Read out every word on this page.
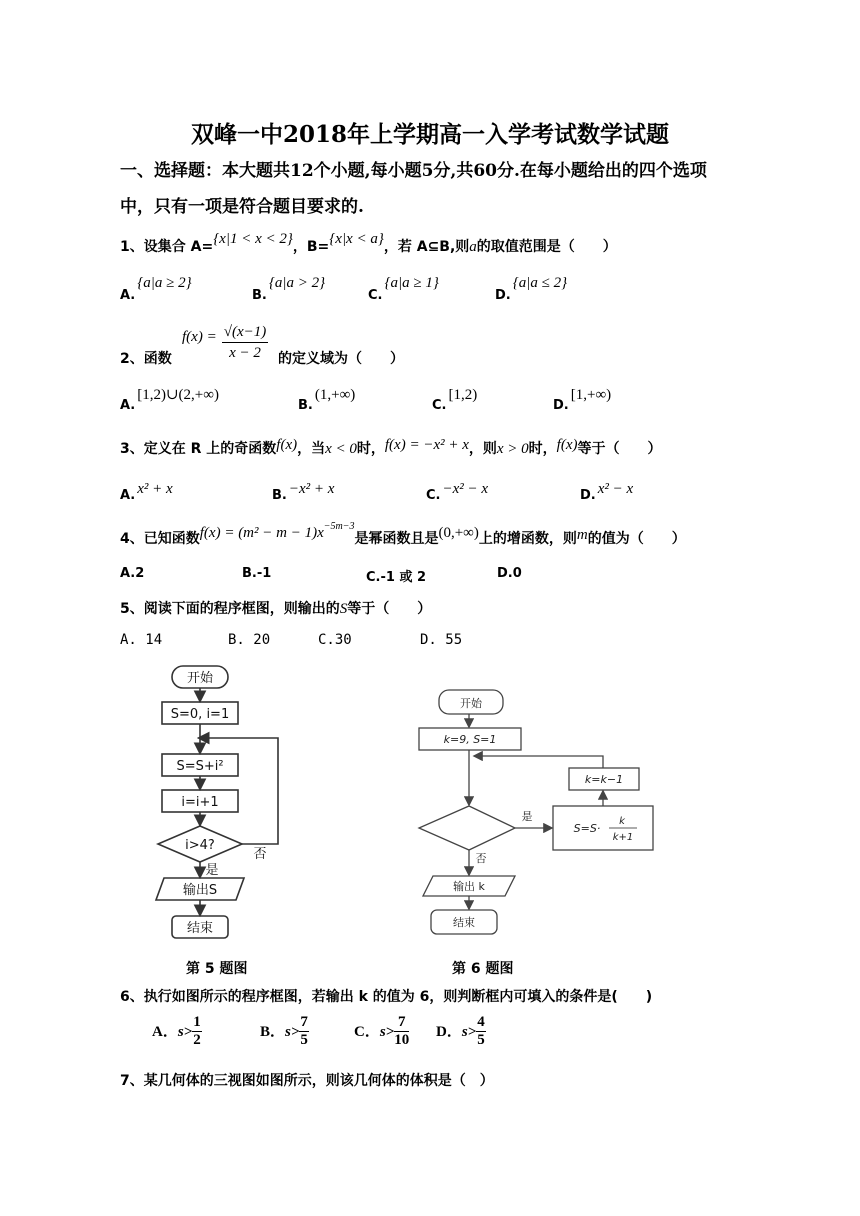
双峰一中2018年上学期高一入学考试数学试题
一、选择题：本大题共12个小题,每小题5分,共60分.在每小题给出的四个选项
中，只有一项是符合题目要求的.
1、设集合 A={x|1 < x < 2}，B={x|x < a}，若 A⊆B,则a的取值范围是（　　）
$_{A.}${a|a ≥ 2}
$_{B.}${a|a > 2}
$_{C.}${a|a ≥ 1}
$_{D.}${a|a ≤ 2}
2、函数
$f(x) = \frac{√(x-1)}{x - 2}$ 的定义域为（　　）
$_{A.}$[1,2)∪(2,+∞)
$_{B.}$(1,+∞)
$_{C.}$[1,2)
$_{D.}$[1,+∞)
3、定义在 R 上的奇函数f(x)，当x < 0时，f(x) = −x² + x，则x > 0时，f(x)等于（　　）
$_{A.}$ x² + x	$_{B.}$ −x² + x	$_{C.}$ −x² − x	$_{D.}$ x² − x
4、已知函数$f(x) = (m^2 - m - 1)x^{-5m-3}$是幂函数且是(0,+∞)上的增函数，则m的值为（　　）
A.2	B.-1	C.-1 或 2	D.0
5、阅读下面的程序框图，则输出的S等于（　　）
A. 14	B. 20	C.30	D. 55
开始
S=0, i=1
S=S+i²
i=i+1
i>4?
否
是
输出S
结束
开始
k=9, S=1
是
否
S=S·
k
k+1
k=k−1
输出 k
结束
第 5 题图	第 6 题图
6、执行如图所示的程序框图，若输出 k 的值为 6，则判断框内可填入的条件是(　　)
A．$s> \frac{1}{2}$	B．$s> \frac{7}{5}$	C．$s> \frac{7}{10}$ D．$s> \frac{4}{5}$
7、某几何体的三视图如图所示，则该几何体的体积是（　）
